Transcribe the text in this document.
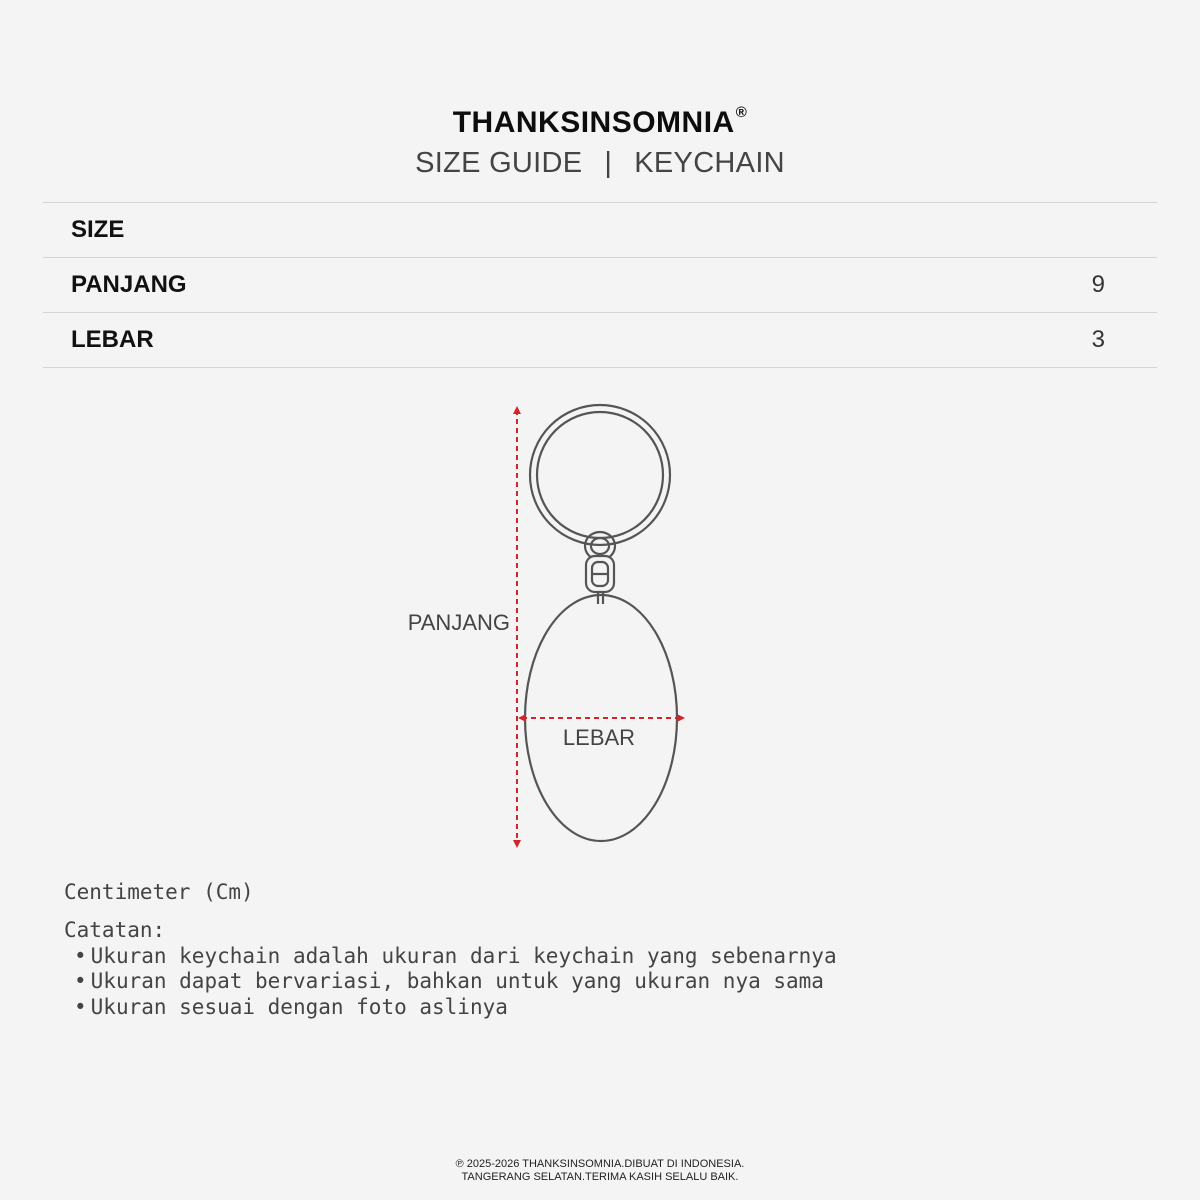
THANKSINSOMNIA®
SIZE GUIDE | KEYCHAIN
SIZE
PANJANG	9
LEBAR	3
PANJANG
LEBAR
Centimeter (Cm)
Catatan:
• Ukuran keychain adalah ukuran dari keychain yang sebenarnya
• Ukuran dapat bervariasi, bahkan untuk yang ukuran nya sama
• Ukuran sesuai dengan foto aslinya
℗ 2025-2026 THANKSINSOMNIA.DIBUAT DI INDONESIA.
TANGERANG SELATAN.TERIMA KASIH SELALU BAIK.
